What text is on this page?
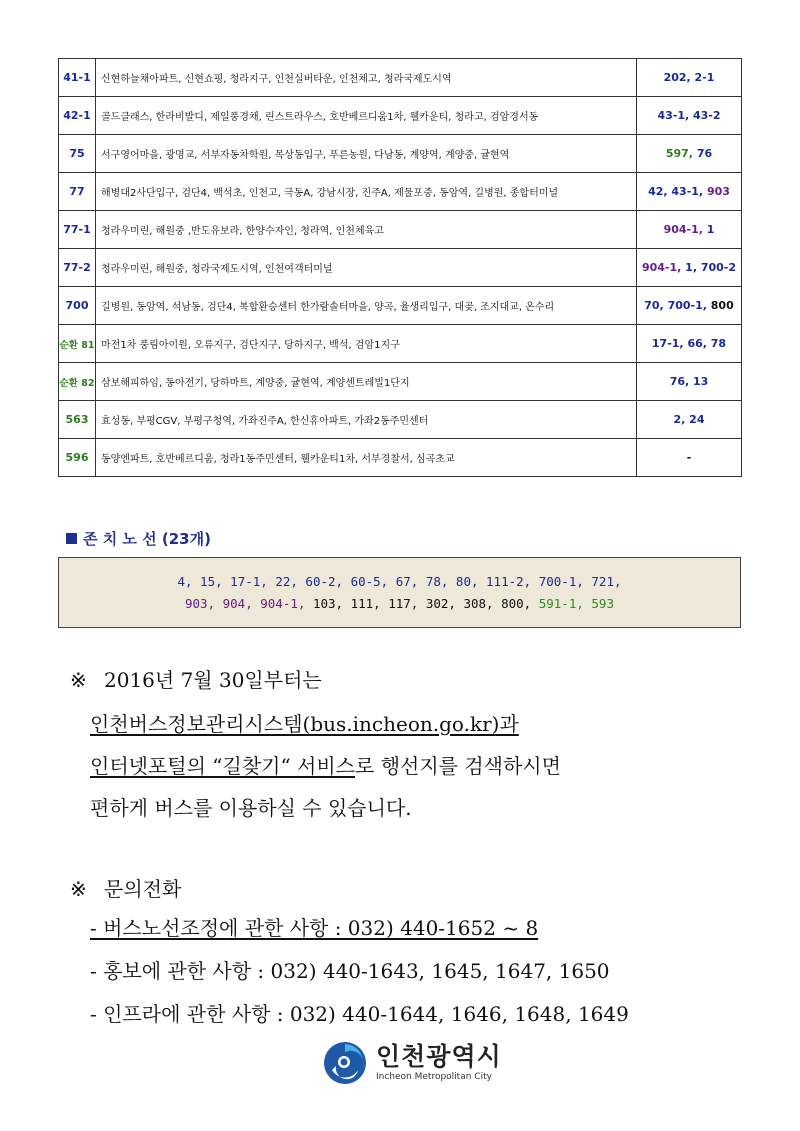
41-1	신현하늘채아파트, 신현쇼핑, 청라지구, 인천실버타운, 인천체고, 청라국제도시역	202, 2-1
42-1	골드클래스, 한라비발디, 제일풍경채, 린스트라우스, 호반베르디움1차, 웰카운티, 청라고, 검암경서동	43-1, 43-2
75	서구영어마을, 광명교, 서부자동차학원, 목상동입구, 푸른농원, 다남동, 계양역, 계양중, 귤현역	597, 76
77	해병대2사단입구, 검단4, 백석초, 인천고, 극동A, 강남시장, 진주A, 제물포중, 동암역, 길병원, 종합터미널	42, 43-1, 903
77-1	청라우미린, 해원중 ,반도유보라, 한양수자인, 청라역, 인천체육고	904-1, 1
77-2	청라우미린, 해원중, 청라국제도시역, 인천여객터미널	904-1, 1, 700-2
700	길병원, 동암역, 석남동, 검단4, 복합환승센터 한가람솔터마을, 양곡, 율생리입구, 대곶, 조지대교, 온수리	70, 700-1, 800
순환 81	마전1차 풍림아이원, 오류지구, 검단지구, 당하지구, 백석, 검암1지구	17-1, 66, 78
순환 82	삼보해피하임, 동아전기, 당하마트, 계양중, 귤현역, 계양센트레빌1단지	76, 13
563	효성동, 부평CGV, 부평구청역, 가좌진주A, 한신휴아파트, 가좌2동주민센터	2, 24
596	동양엔파트, 호반베르디움, 청라1동주민센터, 웰카운티1차, 서부경찰서, 심곡초교	-
존 치 노 선 (23개)
4, 15, 17-1, 22, 60-2, 60-5, 67, 78, 80, 111-2, 700-1, 721,
903, 904, 904-1, 103, 111, 117, 302, 308, 800, 591-1, 593
※ 2016년 7월 30일부터는
인천버스정보관리시스템(bus.incheon.go.kr)과
인터넷포털의 “길찾기“ 서비스로 행선지를 검색하시면
편하게 버스를 이용하실 수 있습니다.
※ 문의전화
- 버스노선조정에 관한 사항 : 032) 440-1652 ~ 8
- 홍보에 관한 사항 : 032) 440-1643, 1645, 1647, 1650
- 인프라에 관한 사항 : 032) 440-1644, 1646, 1648, 1649
인천광역시
Incheon Metropolitan City
